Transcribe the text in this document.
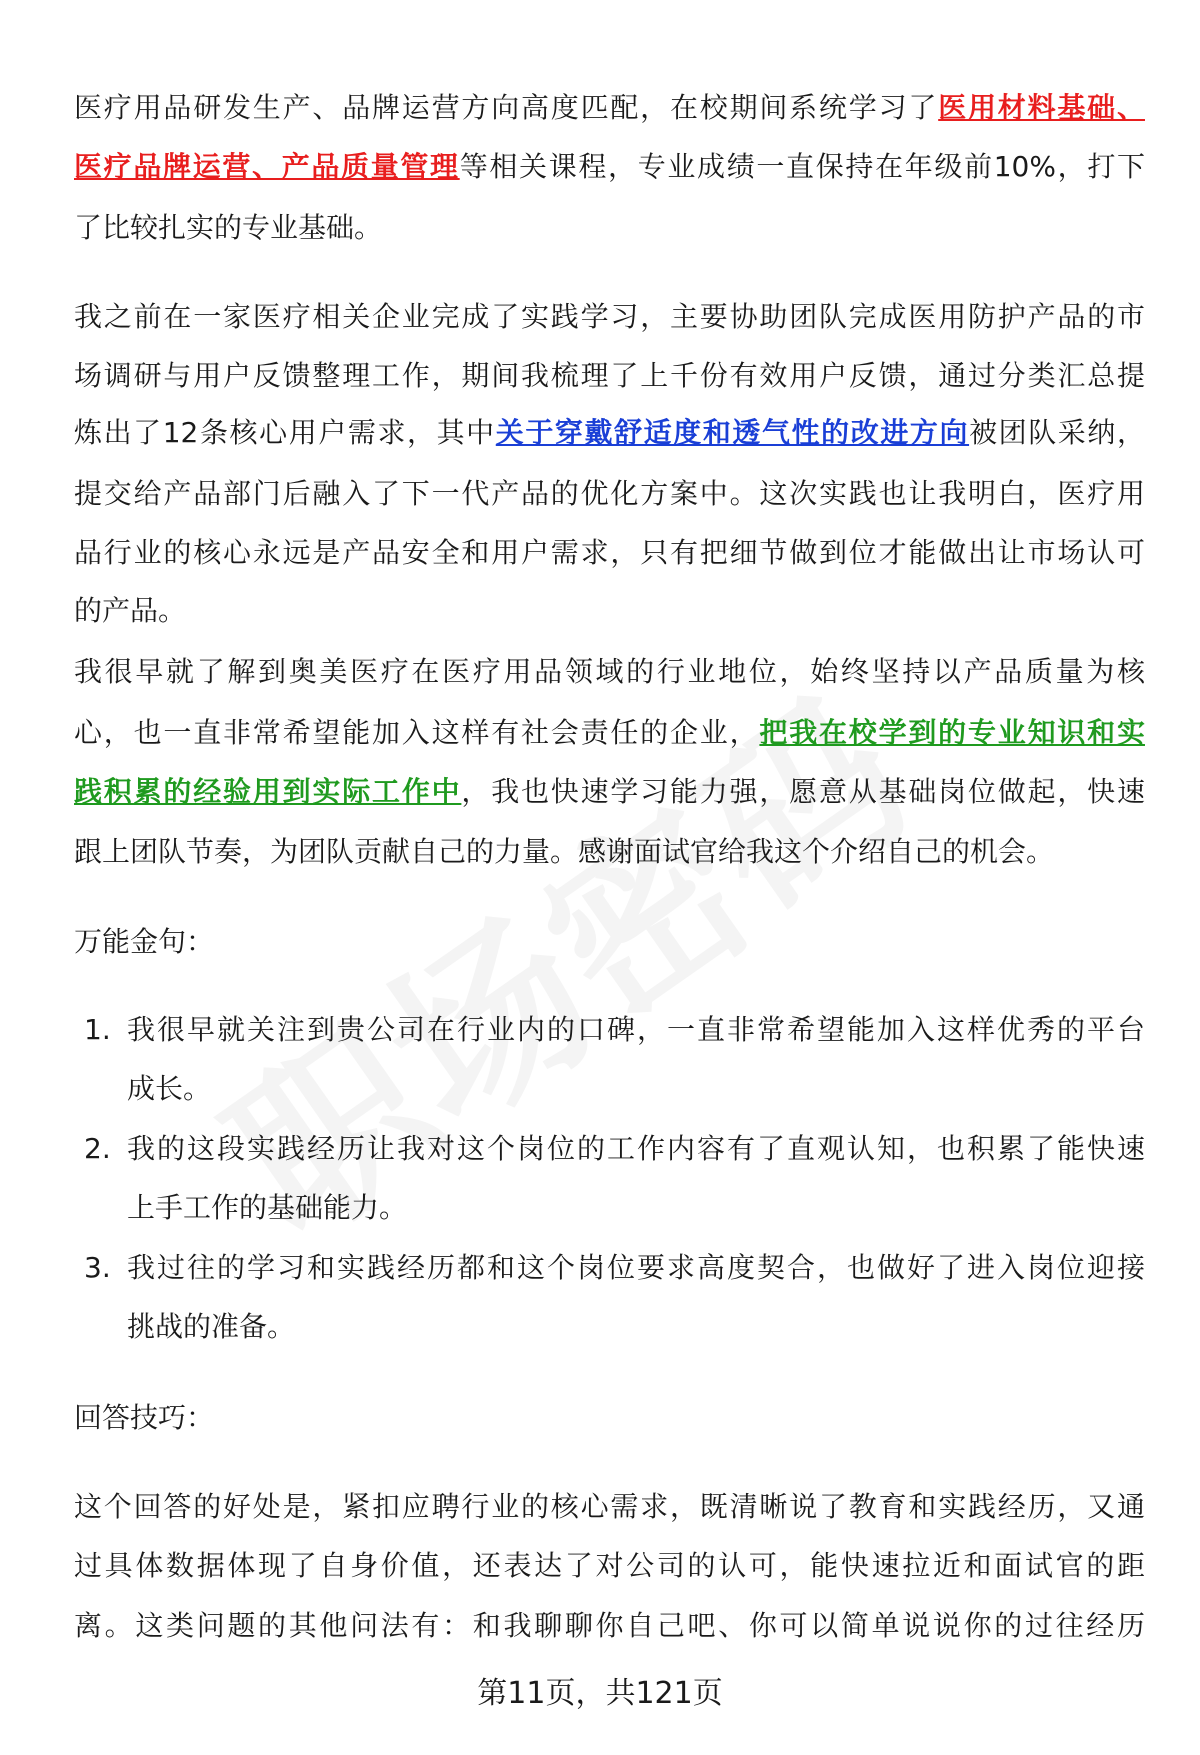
医疗用品研发生产、品牌运营方向高度匹配，在校期间系统学习了医用材料基础、
医疗品牌运营、产品质量管理等相关课程，专业成绩一直保持在年级前10%，打下
了比较扎实的专业基础。
我之前在一家医疗相关企业完成了实践学习，主要协助团队完成医用防护产品的市
场调研与用户反馈整理工作，期间我梳理了上千份有效用户反馈，通过分类汇总提
炼出了12条核心用户需求，其中关于穿戴舒适度和透气性的改进方向被团队采纳，
提交给产品部门后融入了下一代产品的优化方案中。这次实践也让我明白，医疗用
品行业的核心永远是产品安全和用户需求，只有把细节做到位才能做出让市场认可
的产品。
我很早就了解到奥美医疗在医疗用品领域的行业地位，始终坚持以产品质量为核
心，也一直非常希望能加入这样有社会责任的企业，把我在校学到的专业知识和实
践积累的经验用到实际工作中，我也快速学习能力强，愿意从基础岗位做起，快速
跟上团队节奏，为团队贡献自己的力量。感谢面试官给我这个介绍自己的机会。
万能金句：
1. 我很早就关注到贵公司在行业内的口碑，一直非常希望能加入这样优秀的平台
成长。
2. 我的这段实践经历让我对这个岗位的工作内容有了直观认知，也积累了能快速
上手工作的基础能力。
3. 我过往的学习和实践经历都和这个岗位要求高度契合，也做好了进入岗位迎接
挑战的准备。
回答技巧：
这个回答的好处是，紧扣应聘行业的核心需求，既清晰说了教育和实践经历，又通
过具体数据体现了自身价值，还表达了对公司的认可，能快速拉近和面试官的距
离。这类问题的其他问法有：和我聊聊你自己吧、你可以简单说说你的过往经历
第11页，共121页
